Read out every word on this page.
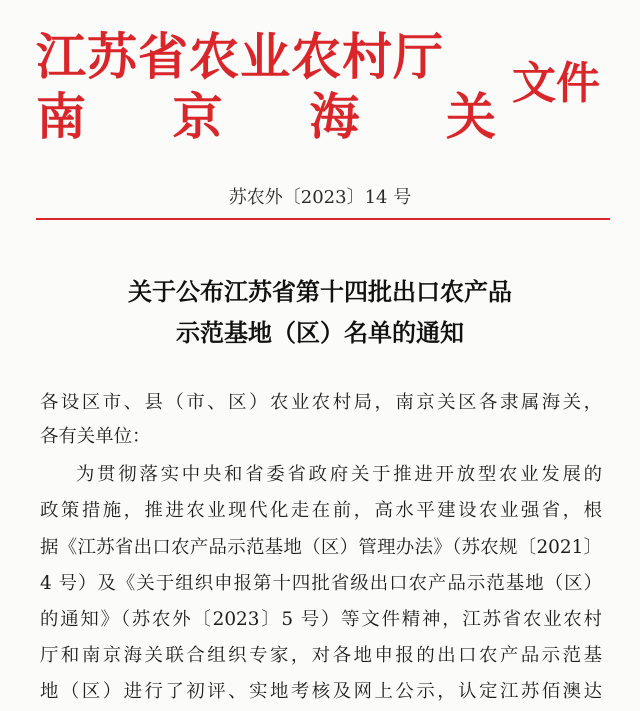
江苏省农业农村厅
南 京 海 关
文件
苏农外〔2023〕14 号
关于公布江苏省第十四批出口农产品
示范基地（区）名单的通知
各设区市、县（市、区）农业农村局，南京关区各隶属海关，
各有关单位：
为贯彻落实中央和省委省政府关于推进开放型农业发展的
政策措施，推进农业现代化走在前，高水平建设农业强省，根
据《江苏省出口农产品示范基地（区）管理办法》（苏农规〔2021〕
4 号）及《关于组织申报第十四批省级出口农产品示范基地（区）
的通知》（苏农外〔2023〕5 号）等文件精神，江苏省农业农村
厅和南京海关联合组织专家，对各地申报的出口农产品示范基
地（区）进行了初评、实地考核及网上公示，认定江苏佰澳达
